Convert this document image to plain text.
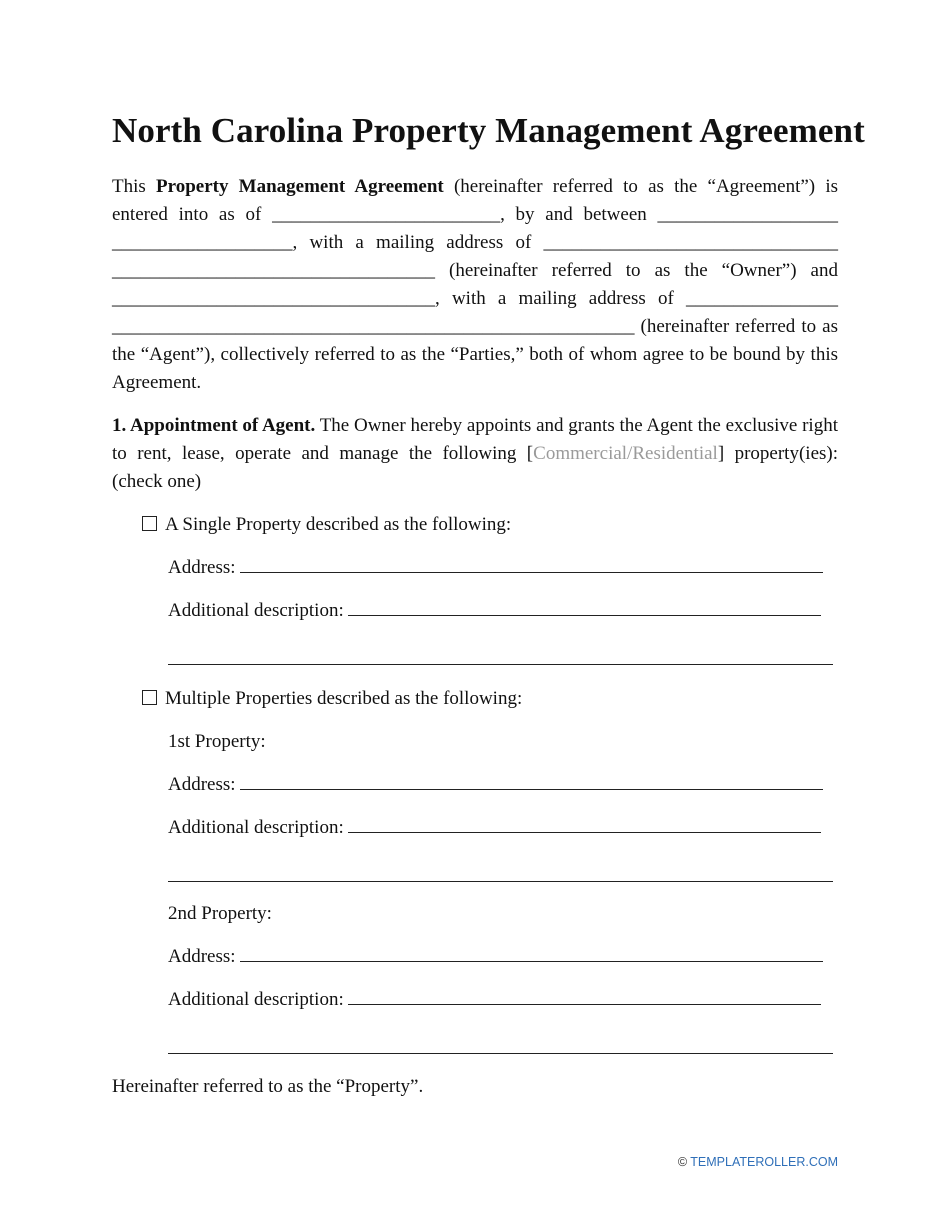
North Carolina Property Management Agreement

This Property Management Agreement (hereinafter referred to as the “Agreement”) is entered into as of ________________________, by and between ___________________ ___________________, with a mailing address of _______________________________ __________________________________ (hereinafter referred to as the “Owner”) and __________________________________, with a mailing address of ________________ _______________________________________________________ (hereinafter referred to as the “Agent”), collectively referred to as the “Parties,” both of whom agree to be bound by this Agreement.

1. Appointment of Agent. The Owner hereby appoints and grants the Agent the exclusive right to rent, lease, operate and manage the following [Commercial/Residential] property(ies): (check one)

A Single Property described as the following:
Address:
Additional description:
Multiple Properties described as the following:
1st Property:
Address:
Additional description:
2nd Property:
Address:
Additional description:
Hereinafter referred to as the “Property”.
© TEMPLATEROLLER.COM
